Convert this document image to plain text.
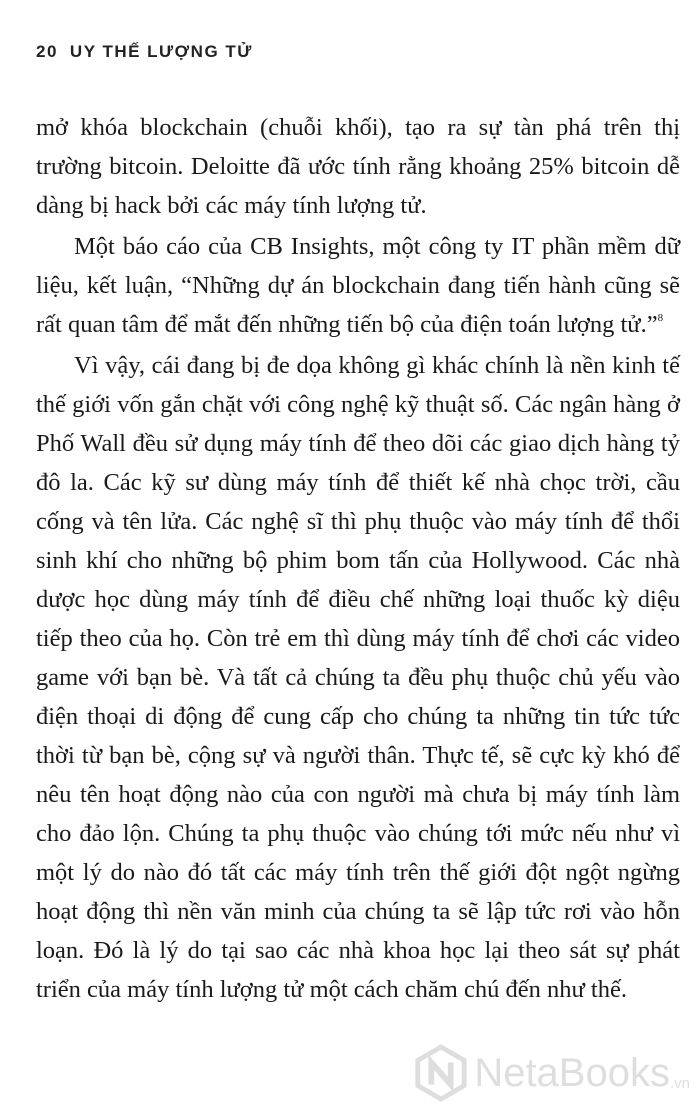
20 UY THẾ LƯỢNG TỬ

mở khóa blockchain (chuỗi khối), tạo ra sự tàn phá trên thị trường bitcoin. Deloitte đã ước tính rằng khoảng 25% bitcoin dễ dàng bị hack bởi các máy tính lượng tử.

Một báo cáo của CB Insights, một công ty IT phần mềm dữ liệu, kết luận, “Những dự án blockchain đang tiến hành cũng sẽ rất quan tâm để mắt đến những tiến bộ của điện toán lượng tử.”$^8$

Vì vậy, cái đang bị đe dọa không gì khác chính là nền kinh tế thế giới vốn gắn chặt với công nghệ kỹ thuật số. Các ngân hàng ở Phố Wall đều sử dụng máy tính để theo dõi các giao dịch hàng tỷ đô la. Các kỹ sư dùng máy tính để thiết kế nhà chọc trời, cầu cống và tên lửa. Các nghệ sĩ thì phụ thuộc vào máy tính để thổi sinh khí cho những bộ phim bom tấn của Hollywood. Các nhà dược học dùng máy tính để điều chế những loại thuốc kỳ diệu tiếp theo của họ. Còn trẻ em thì dùng máy tính để chơi các video game với bạn bè. Và tất cả chúng ta đều phụ thuộc chủ yếu vào điện thoại di động để cung cấp cho chúng ta những tin tức tức thời từ bạn bè, cộng sự và người thân. Thực tế, sẽ cực kỳ khó để nêu tên hoạt động nào của con người mà chưa bị máy tính làm cho đảo lộn. Chúng ta phụ thuộc vào chúng tới mức nếu như vì một lý do nào đó tất các máy tính trên thế giới đột ngột ngừng hoạt động thì nền văn minh của chúng ta sẽ lập tức rơi vào hỗn loạn. Đó là lý do tại sao các nhà khoa học lại theo sát sự phát triển của máy tính lượng tử một cách chăm chú đến như thế.

NetaBooks .vn
